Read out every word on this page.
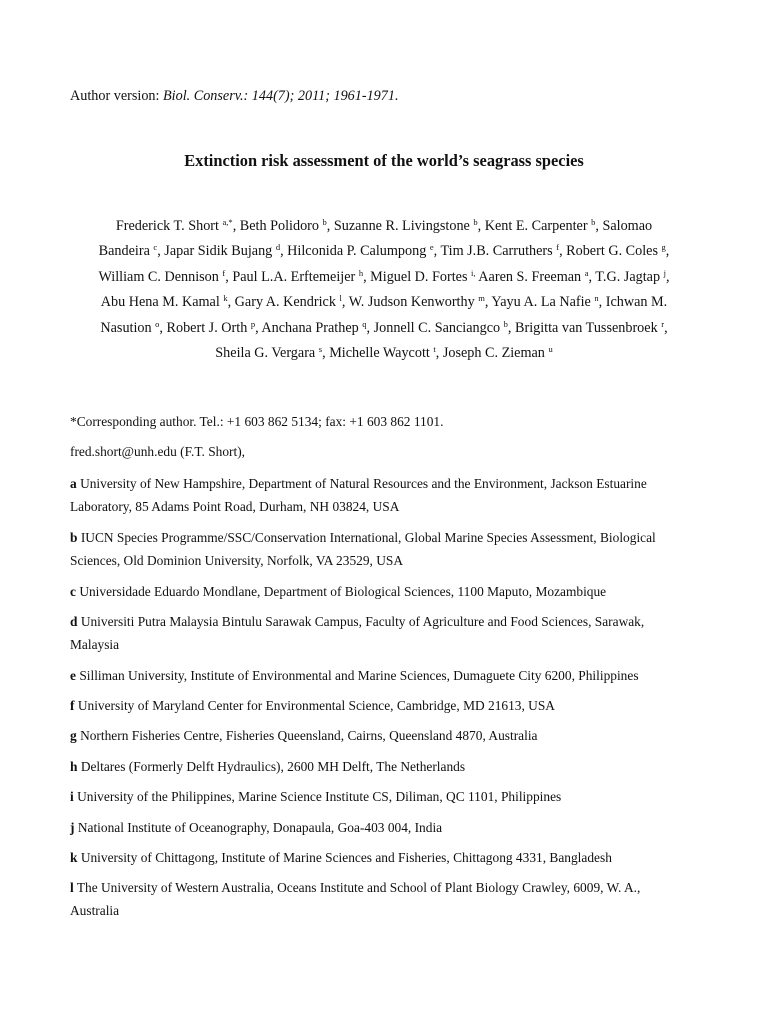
Author version: Biol. Conserv.: 144(7); 2011; 1961-1971.
Extinction risk assessment of the world’s seagrass species
Frederick T. Short $^{a,*}$, Beth Polidoro $^b$, Suzanne R. Livingstone $^b$, Kent E. Carpenter $^b$, Salomao
Bandeira $^c$, Japar Sidik Bujang $^d$, Hilconida P. Calumpong $^e$, Tim J.B. Carruthers $^f$, Robert G. Coles $^g$,
William C. Dennison $^f$, Paul L.A. Erftemeijer $^h$, Miguel D. Fortes $^{i,}$ Aaren S. Freeman $^a$, T.G. Jagtap $^j$,
Abu Hena M. Kamal $^k$, Gary A. Kendrick $^l$, W. Judson Kenworthy $^m$, Yayu A. La Nafie $^n$, Ichwan M.
Nasution $^o$, Robert J. Orth $^p$, Anchana Prathep $^q$, Jonnell C. Sanciangco $^b$, Brigitta van Tussenbroek $^r$,
Sheila G. Vergara $^s$, Michelle Waycott $^t$, Joseph C. Zieman $^u$
*Corresponding author. Tel.: +1 603 862 5134; fax: +1 603 862 1101.
fred.short@unh.edu (F.T. Short),
a University of New Hampshire, Department of Natural Resources and the Environment, Jackson Estuarine
Laboratory, 85 Adams Point Road, Durham, NH 03824, USA
b IUCN Species Programme/SSC/Conservation International, Global Marine Species Assessment, Biological
Sciences, Old Dominion University, Norfolk, VA 23529, USA
c Universidade Eduardo Mondlane, Department of Biological Sciences, 1100 Maputo, Mozambique
d Universiti Putra Malaysia Bintulu Sarawak Campus, Faculty of Agriculture and Food Sciences, Sarawak,
Malaysia
e Silliman University, Institute of Environmental and Marine Sciences, Dumaguete City 6200, Philippines
f University of Maryland Center for Environmental Science, Cambridge, MD 21613, USA
g Northern Fisheries Centre, Fisheries Queensland, Cairns, Queensland 4870, Australia
h Deltares (Formerly Delft Hydraulics), 2600 MH Delft, The Netherlands
i University of the Philippines, Marine Science Institute CS, Diliman, QC 1101, Philippines
j National Institute of Oceanography, Donapaula, Goa-403 004, India
k University of Chittagong, Institute of Marine Sciences and Fisheries, Chittagong 4331, Bangladesh
l The University of Western Australia, Oceans Institute and School of Plant Biology Crawley, 6009, W. A.,
Australia
